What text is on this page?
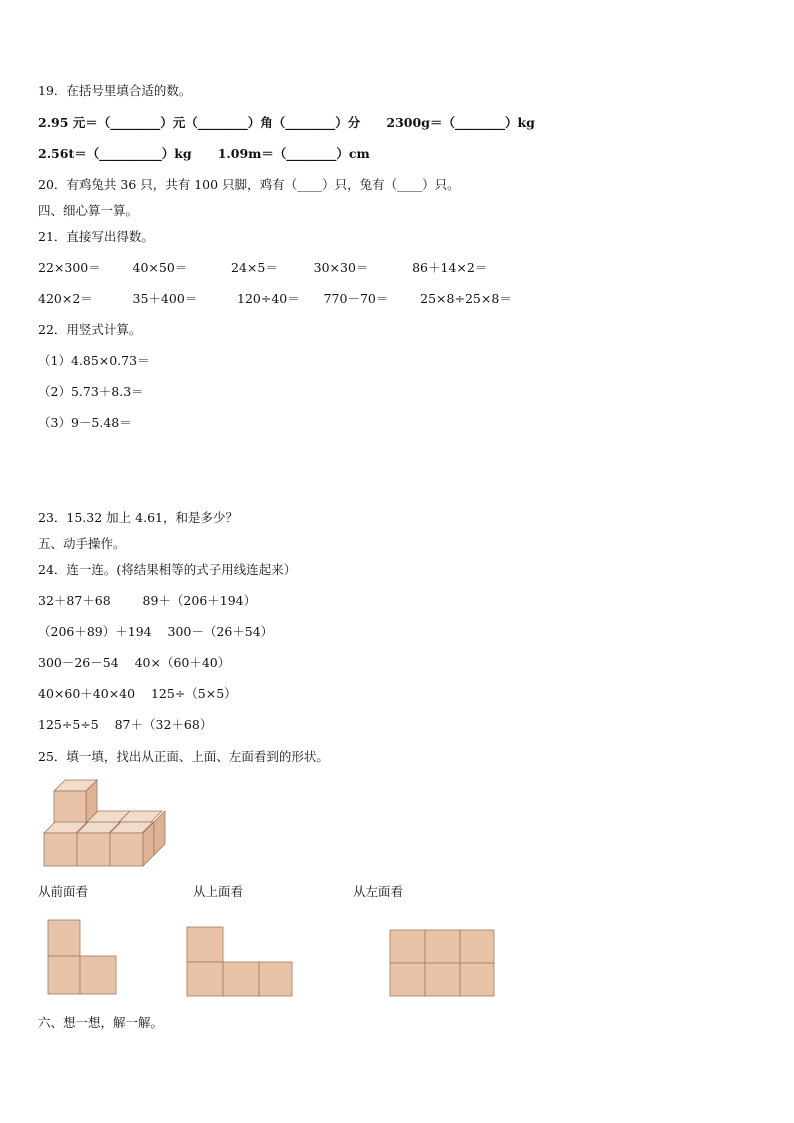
19．在括号里填合适的数。
2.95 元＝（________）元（________）角（________）分      2300g＝（________）kg
2.56t＝（__________）kg      1.09m＝（________）cm
20．有鸡兔共 36 只，共有 100 只脚，鸡有（____）只，兔有（____）只。
四、细心算一算。
21．直接写出得数。
22×300＝        40×50＝           24×5＝         30×30＝           86＋14×2＝
420×2＝          35＋400＝          120÷40＝      770－70＝        25×8÷25×8＝
22．用竖式计算。
（1）4.85×0.73＝
（2）5.73＋8.3＝
（3）9－5.48＝
23．15.32 加上 4.61，和是多少？
五、动手操作。
24．连一连。(将结果相等的式子用线连起来）
32＋87＋68        89＋（206＋194）
（206＋89）＋194    300－（26＋54）
300－26－54    40×（60＋40）
40×60＋40×40    125÷（5×5）
125÷5÷5    87＋（32＋68）
25．填一填，找出从正面、上面、左面看到的形状。
从前面看	从上面看	从左面看
六、想一想，解一解。
